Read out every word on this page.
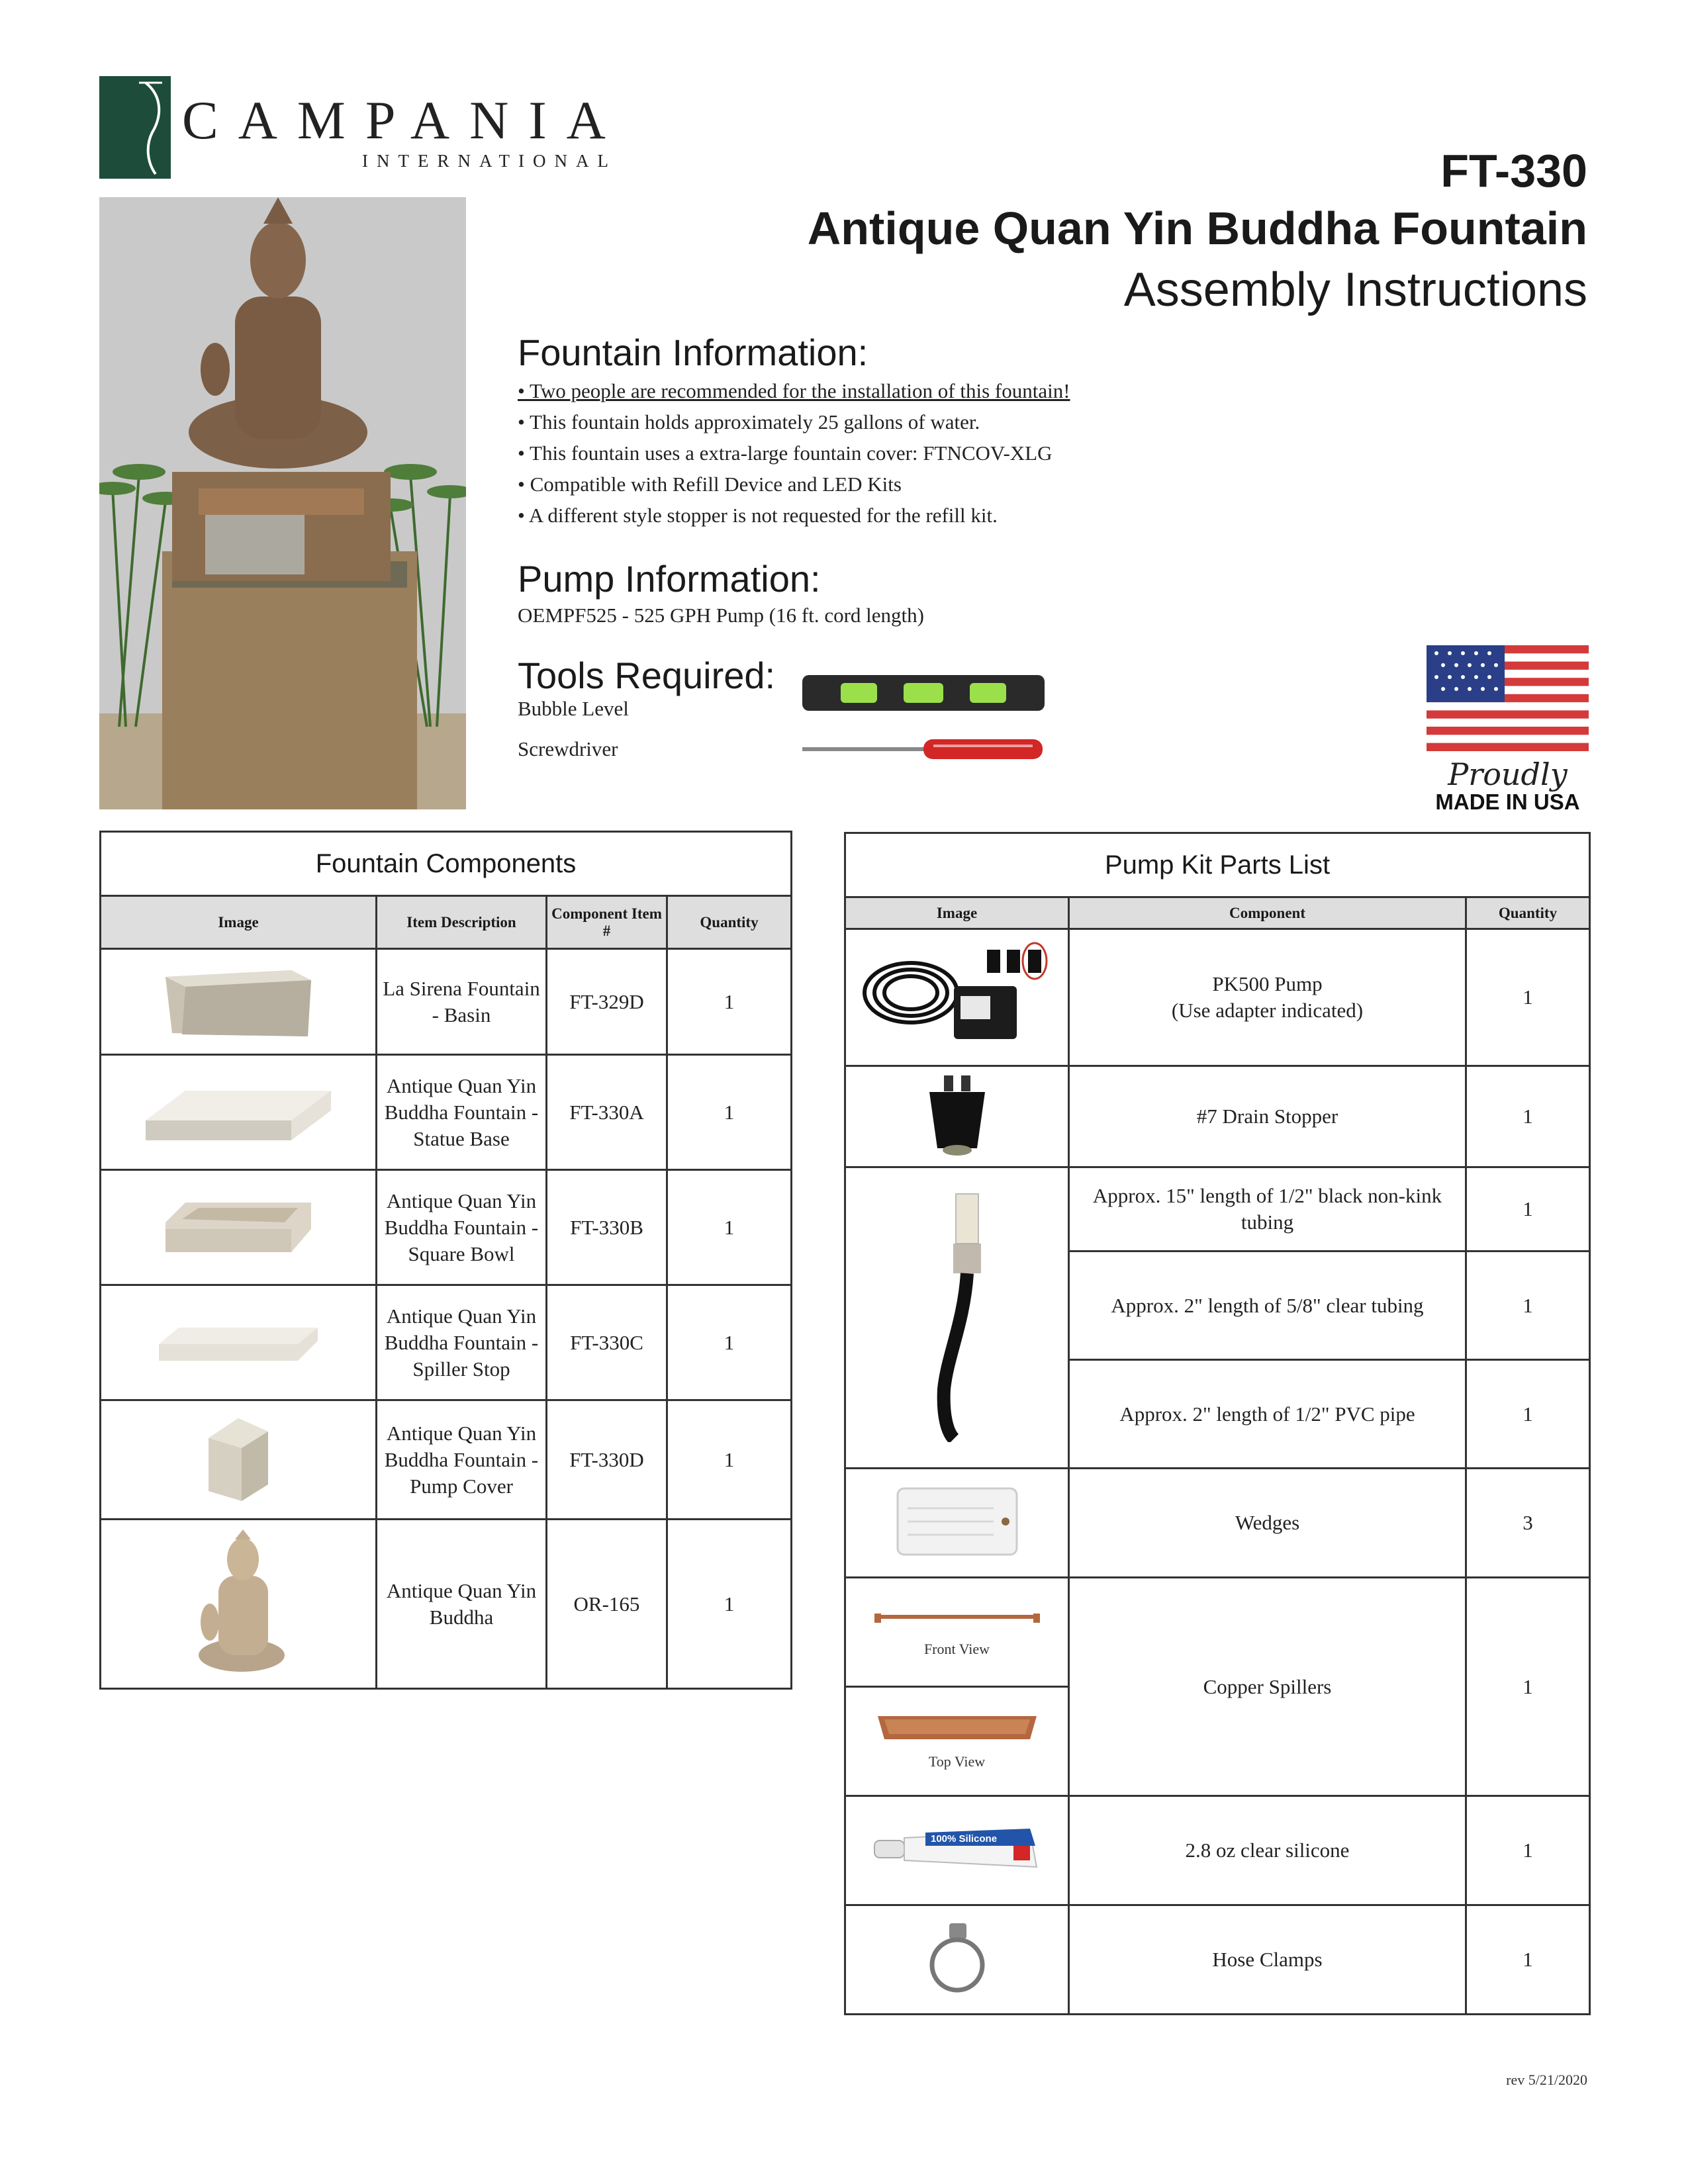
CAMPANIA
INTERNATIONAL	FT-330
Antique Quan Yin Buddha Fountain
Assembly Instructions
Fountain Information:
• Two people are recommended for the installation of this fountain!
• This fountain holds approximately 25 gallons of water.
• This fountain uses a extra-large fountain cover: FTNCOV-XLG
• Compatible with Refill Device and LED Kits
• A different style stopper is not requested for the refill kit.
Pump Information:
OEMPF525 - 525 GPH Pump (16 ft. cord length)
Tools Required:
Bubble Level
Screwdriver
Proudly
MADE IN USA
Fountain Components			
Image	Item Description	Component Item #	Quantity
	La Sirena Fountain - Basin	FT-329D	1
	Antique Quan Yin Buddha Fountain - Statue Base	FT-330A	1
	Antique Quan Yin Buddha Fountain - Square Bowl	FT-330B	1
	Antique Quan Yin Buddha Fountain - Spiller Stop	FT-330C	1
	Antique Quan Yin Buddha Fountain - Pump Cover	FT-330D	1
	Antique Quan Yin Buddha	OR-165	1
Pump Kit Parts List		
Image	Component	Quantity
	PK500 Pump
(Use adapter indicated)	1
	#7 Drain Stopper	1
	Approx. 15" length of 1/2" black non-kink tubing	1
	Approx. 2" length of 5/8" clear tubing	1
	Approx. 2" length of 1/2" PVC pipe	1
	Wedges	3

Front View	Copper Spillers	1

Top View		

100% Silicone	2.8 oz clear silicone	1
	Hose Clamps	1
rev 5/21/2020
